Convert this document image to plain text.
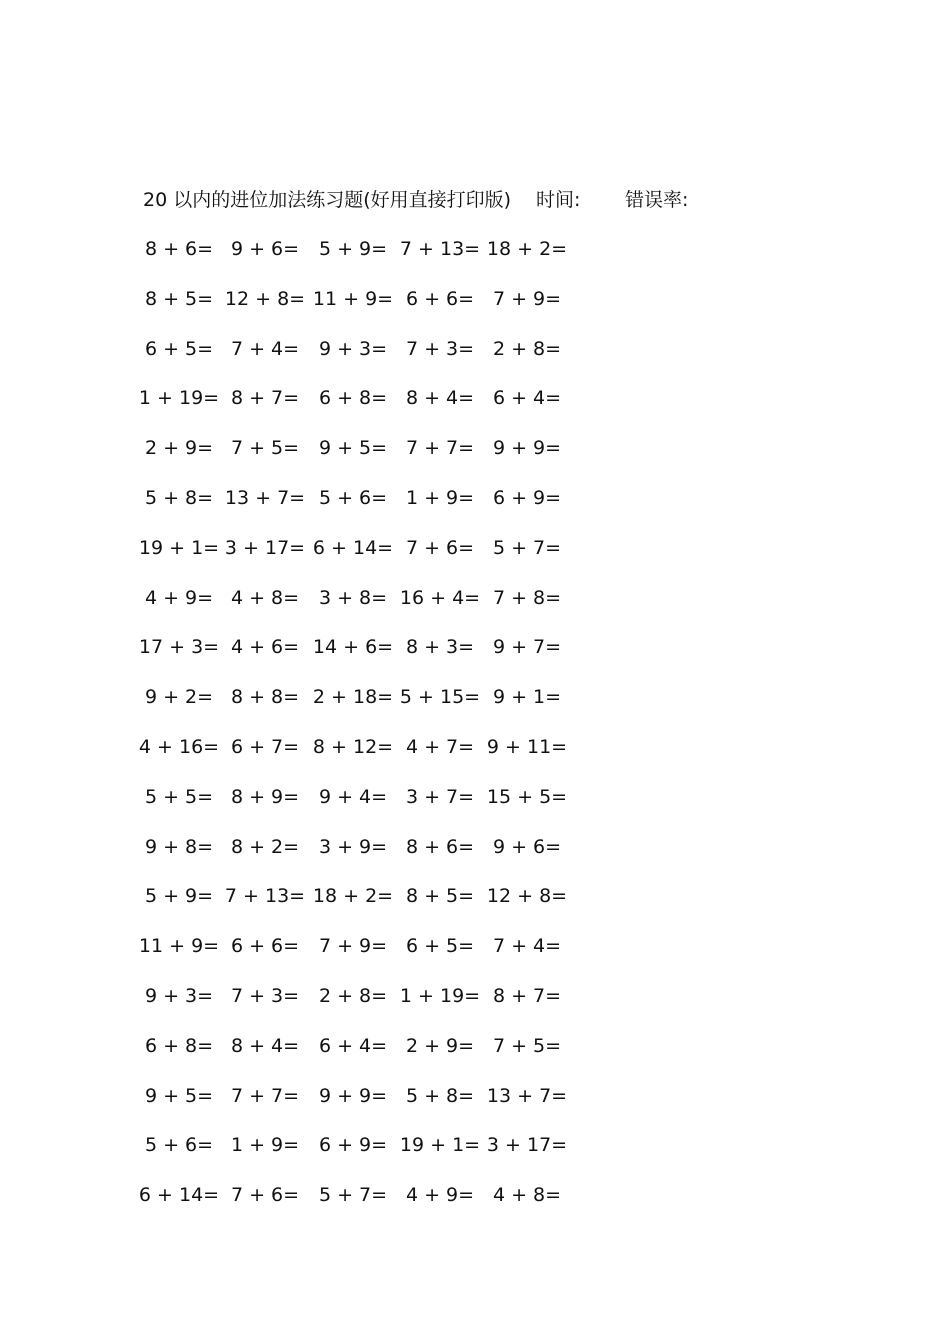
20 以内的进位加法练习题(好用直接打印版) 时间: 错误率:
8 + 6= 9 + 6=	5 + 9= 7 + 13= 18 + 2=
8 + 5= 12 + 8= 11 + 9= 6 + 6= 7 + 9=
6 + 5= 7 + 4=	9 + 3= 7 + 3= 2 + 8=
1 + 19= 8 + 7=	6 + 8= 8 + 4= 6 + 4=
2 + 9= 7 + 5=	9 + 5= 7 + 7= 9 + 9=
5 + 8= 13 + 7= 5 + 6= 1 + 9= 6 + 9=
19 + 1= 3 + 17= 6 + 14= 7 + 6= 5 + 7=
4 + 9= 4 + 8=	3 + 8= 16 + 4= 7 + 8=
17 + 3= 4 + 6= 14 + 6= 8 + 3= 9 + 7=
9 + 2= 8 + 8= 2 + 18= 5 + 15= 9 + 1=
4 + 16= 6 + 7= 8 + 12= 4 + 7= 9 + 11=
5 + 5= 8 + 9=	9 + 4= 3 + 7= 15 + 5=
9 + 8= 8 + 2=	3 + 9= 8 + 6= 9 + 6=
5 + 9= 7 + 13= 18 + 2= 8 + 5= 12 + 8=
11 + 9= 6 + 6=	7 + 9= 6 + 5= 7 + 4=
9 + 3= 7 + 3=	2 + 8= 1 + 19= 8 + 7=
6 + 8= 8 + 4=	6 + 4= 2 + 9= 7 + 5=
9 + 5= 7 + 7=	9 + 9= 5 + 8= 13 + 7=
5 + 6= 1 + 9=	6 + 9= 19 + 1= 3 + 17=
6 + 14= 7 + 6=	5 + 7= 4 + 9= 4 + 8=
